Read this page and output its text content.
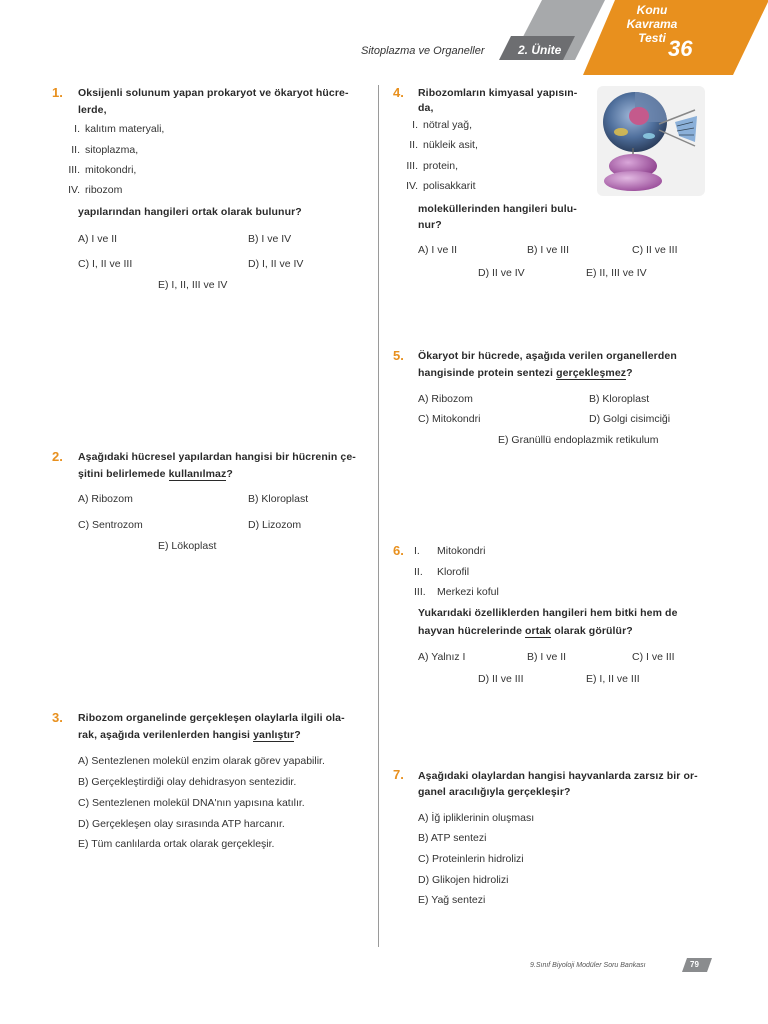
Sitoplazma ve Organeller	2. Ünite
Konu
Kavrama
Testi 36
1. Oksijenli solunum yapan prokaryot ve ökaryot hücre-
lerde,
I. kalıtım materyali,
II. sitoplazma,
III. mitokondri,
IV. ribozom
yapılarından hangileri ortak olarak bulunur?
A) I ve II	B) I ve IV
C) I, II ve III	D) I, II ve IV
E) I, II, III ve IV
2. Aşağıdaki hücresel yapılardan hangisi bir hücrenin çe-
şitini belirlemede kullanılmaz?
A) Ribozom	B) Kloroplast
C) Sentrozom	D) Lizozom
E) Lökoplast
3. Ribozom organelinde gerçekleşen olaylarla ilgili ola-
rak, aşağıda verilenlerden hangisi yanlıştır?
A) Sentezlenen molekül enzim olarak görev yapabilir.
B) Gerçekleştirdiği olay dehidrasyon sentezidir.
C) Sentezlenen molekül DNA'nın yapısına katılır.
D) Gerçekleşen olay sırasında ATP harcanır.
E) Tüm canlılarda ortak olarak gerçekleşir.
4. Ribozomların kimyasal yapısın-
da,
I. nötral yağ,
II. nükleik asit,
III. protein,
IV. polisakkarit
moleküllerinden hangileri bulu-
nur?
A) I ve II	B) I ve III	C) II ve III
D) II ve IV	E) II, III ve IV
5. Ökaryot bir hücrede, aşağıda verilen organellerden
hangisinde protein sentezi gerçekleşmez?
A) Ribozom	B) Kloroplast
C) Mitokondri	D) Golgi cisimciği
E) Granüllü endoplazmik retikulum
6. I. Mitokondri
II. Klorofil
III. Merkezi koful
Yukarıdaki özelliklerden hangileri hem bitki hem de
hayvan hücrelerinde ortak olarak görülür?
A) Yalnız I	B) I ve II	C) I ve III
D) II ve III	E) I, II ve III
7. Aşağıdaki olaylardan hangisi hayvanlarda zarsız bir or-
ganel aracılığıyla gerçekleşir?
A) İğ ipliklerinin oluşması
B) ATP sentezi
C) Proteinlerin hidrolizi
D) Glikojen hidrolizi
E) Yağ sentezi
9.Sınıf Biyoloji Modüler Soru Bankası	79
